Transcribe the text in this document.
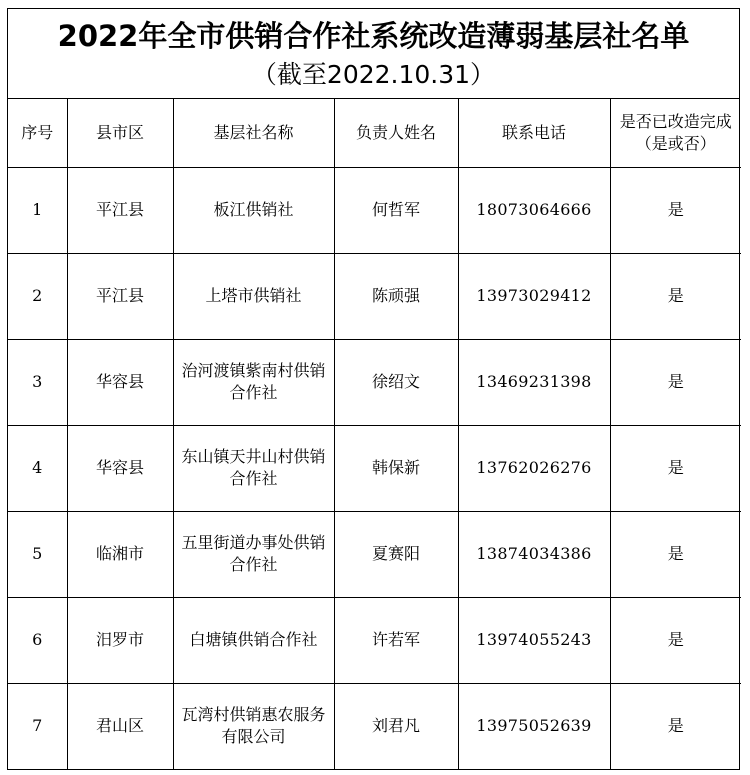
2022年全市供销合作社系统改造薄弱基层社名单
（截至2022.10.31）
序号	县市区	基层社名称	负责人姓名	联系电话	是否已改造完成（是或否）
1	平江县	板江供销社	何哲军	18073064666	是
2	平江县	上塔市供销社	陈顽强	13973029412	是
3	华容县	治河渡镇紫南村供销合作社	徐绍文	13469231398	是
4	华容县	东山镇天井山村供销合作社	韩保新	13762026276	是
5	临湘市	五里街道办事处供销合作社	夏赛阳	13874034386	是
6	汨罗市	白塘镇供销合作社	许若军	13974055243	是
7	君山区	瓦湾村供销惠农服务有限公司	刘君凡	13975052639	是
